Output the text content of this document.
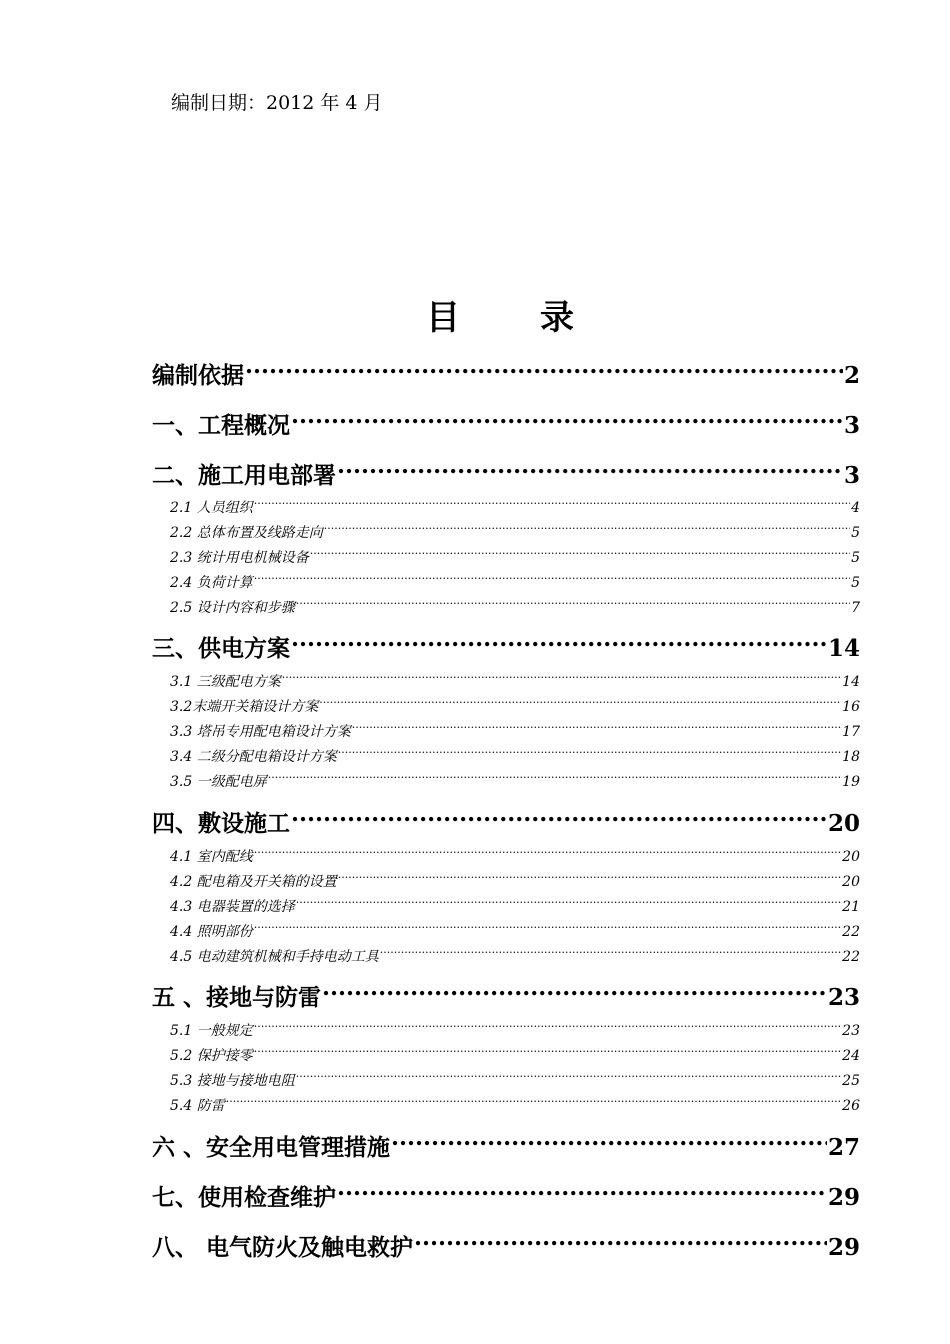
编制日期：2012 年 4 月
目 录
编制依据 .....	2
一、工程概况 .....	3
二、施工用电部署 .....	3
2.1 人员组织 .....	4
2.2 总体布置及线路走向 .....	5
2.3 统计用电机械设备 .....	5
2.4 负荷计算 .....	5
2.5 设计内容和步骤 .....	7
三、供电方案 .....	14
3.1 三级配电方案 .....	14
3.2末端开关箱设计方案 .....	16
3.3 塔吊专用配电箱设计方案 .....	17
3.4 二级分配电箱设计方案 .....	18
3.5 一级配电屏 .....	19
四、敷设施工 .....	20
4.1 室内配线 .....	20
4.2 配电箱及开关箱的设置 .....	20
4.3 电器装置的选择 .....	21
4.4 照明部份 .....	22
4.5 电动建筑机械和手持电动工具 .....	22
五 、接地与防雷 .....	23
5.1 一般规定 .....	23
5.2 保护接零 .....	24
5.3 接地与接地电阻 .....	25
5.4 防雷 .....	26
六 、安全用电管理措施 .....	27
七、使用检查维护 .....	29
八、 电气防火及触电救护 .....	29
